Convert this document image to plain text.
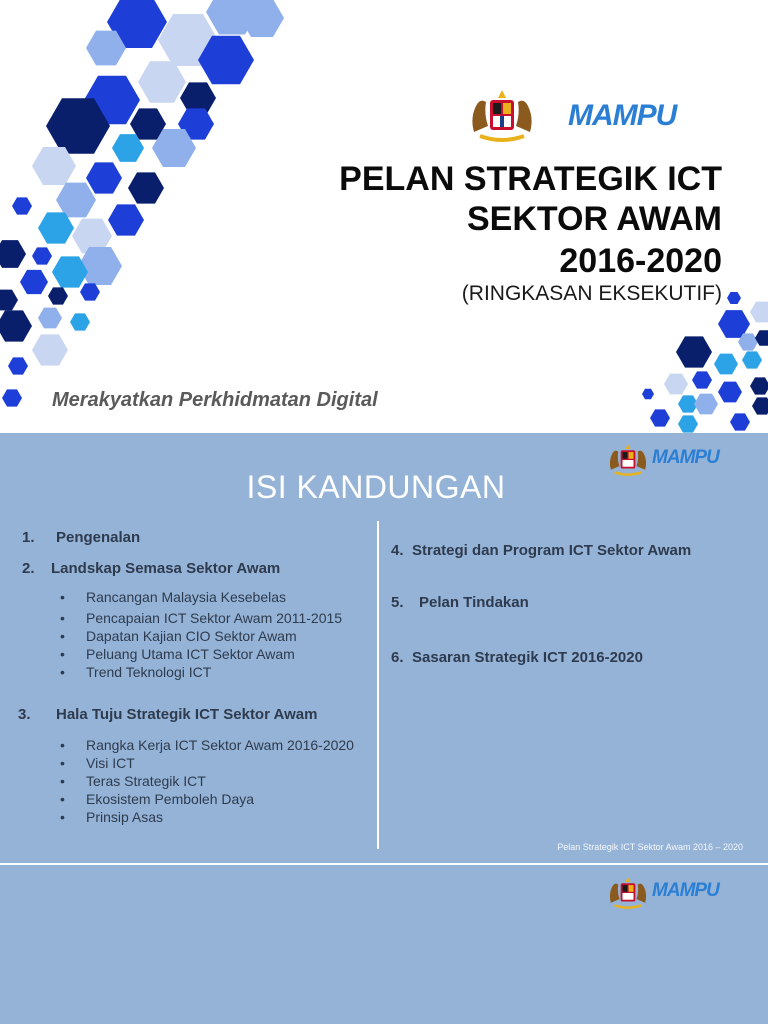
MAMPU
PELAN STRATEGIK ICT
SEKTOR AWAM
2016-2020
(RINGKASAN EKSEKUTIF)
Merakyatkan Perkhidmatan Digital
MAMPU
ISI KANDUNGAN
1. Pengenalan
2. Landskap Semasa Sektor Awam
• Rancangan Malaysia Kesebelas
• Pencapaian ICT Sektor Awam 2011-2015
• Dapatan Kajian CIO Sektor Awam
• Peluang Utama ICT Sektor Awam
• Trend Teknologi ICT
3. Hala Tuju Strategik ICT Sektor Awam
• Rangka Kerja ICT Sektor Awam 2016-2020
• Visi ICT
• Teras Strategik ICT
• Ekosistem Pemboleh Daya
• Prinsip Asas
4. Strategi dan Program ICT Sektor Awam
5. Pelan Tindakan
6. Sasaran Strategik ICT 2016-2020
Pelan Strategik ICT Sektor Awam 2016 – 2020
MAMPU
